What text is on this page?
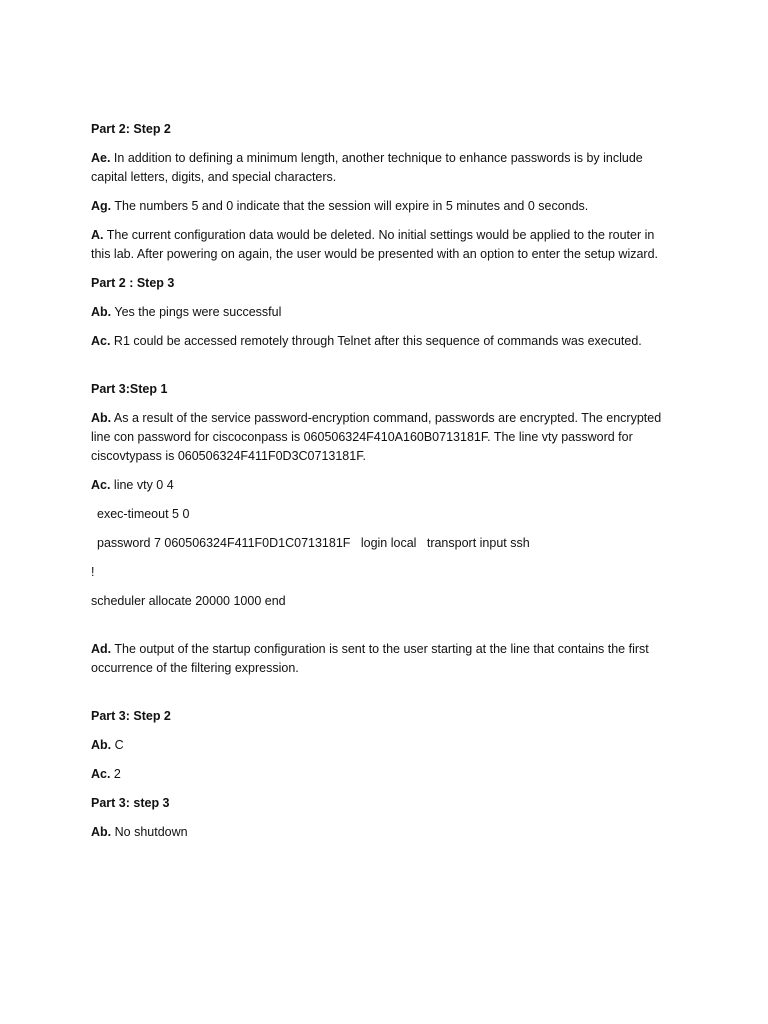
Part 2: Step 2

Ae. In addition to defining a minimum length, another technique to enhance passwords is by include capital letters, digits, and special characters.

Ag. The numbers 5 and 0 indicate that the session will expire in 5 minutes and 0 seconds.

A. The current configuration data would be deleted. No initial settings would be applied to the router in this lab. After powering on again, the user would be presented with an option to enter the setup wizard.

Part 2 : Step 3

Ab. Yes the pings were successful

Ac. R1 could be accessed remotely through Telnet after this sequence of commands was executed.

Part 3:Step 1

Ab. As a result of the service password-encryption command, passwords are encrypted. The encrypted line con password for ciscoconpass is 060506324F410A160B0713181F. The line vty password for ciscovtypass is 060506324F411F0D3C0713181F.

Ac. line vty 0 4

exec-timeout 5 0

password 7 060506324F411F0D1C0713181F   login local   transport input ssh

!

scheduler allocate 20000 1000 end

Ad. The output of the startup configuration is sent to the user starting at the line that contains the first occurrence of the filtering expression.

Part 3: Step 2

Ab. C

Ac. 2

Part 3: step 3

Ab. No shutdown
